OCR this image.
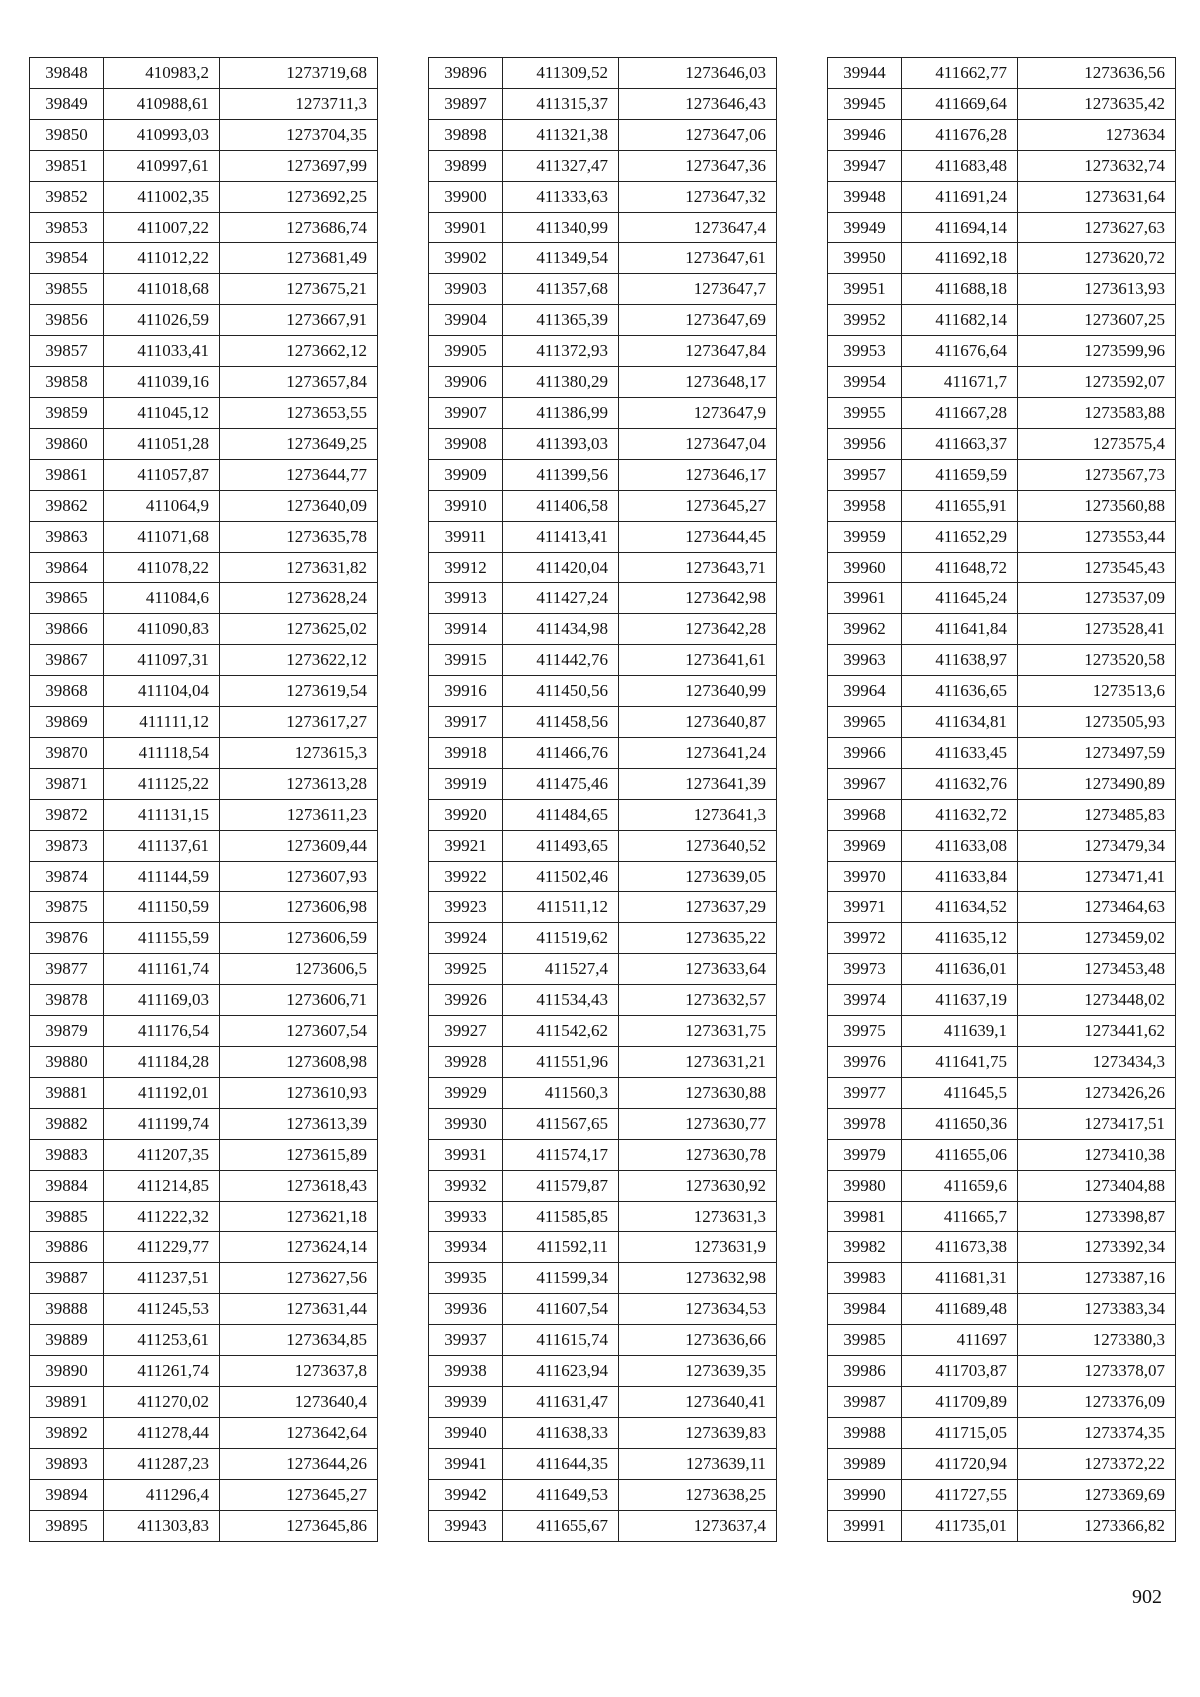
39848	410983,2	1273719,68
39849	410988,61	1273711,3
39850	410993,03	1273704,35
39851	410997,61	1273697,99
39852	411002,35	1273692,25
39853	411007,22	1273686,74
39854	411012,22	1273681,49
39855	411018,68	1273675,21
39856	411026,59	1273667,91
39857	411033,41	1273662,12
39858	411039,16	1273657,84
39859	411045,12	1273653,55
39860	411051,28	1273649,25
39861	411057,87	1273644,77
39862	411064,9	1273640,09
39863	411071,68	1273635,78
39864	411078,22	1273631,82
39865	411084,6	1273628,24
39866	411090,83	1273625,02
39867	411097,31	1273622,12
39868	411104,04	1273619,54
39869	411111,12	1273617,27
39870	411118,54	1273615,3
39871	411125,22	1273613,28
39872	411131,15	1273611,23
39873	411137,61	1273609,44
39874	411144,59	1273607,93
39875	411150,59	1273606,98
39876	411155,59	1273606,59
39877	411161,74	1273606,5
39878	411169,03	1273606,71
39879	411176,54	1273607,54
39880	411184,28	1273608,98
39881	411192,01	1273610,93
39882	411199,74	1273613,39
39883	411207,35	1273615,89
39884	411214,85	1273618,43
39885	411222,32	1273621,18
39886	411229,77	1273624,14
39887	411237,51	1273627,56
39888	411245,53	1273631,44
39889	411253,61	1273634,85
39890	411261,74	1273637,8
39891	411270,02	1273640,4
39892	411278,44	1273642,64
39893	411287,23	1273644,26
39894	411296,4	1273645,27
39895	411303,83	1273645,86
39896	411309,52	1273646,03
39897	411315,37	1273646,43
39898	411321,38	1273647,06
39899	411327,47	1273647,36
39900	411333,63	1273647,32
39901	411340,99	1273647,4
39902	411349,54	1273647,61
39903	411357,68	1273647,7
39904	411365,39	1273647,69
39905	411372,93	1273647,84
39906	411380,29	1273648,17
39907	411386,99	1273647,9
39908	411393,03	1273647,04
39909	411399,56	1273646,17
39910	411406,58	1273645,27
39911	411413,41	1273644,45
39912	411420,04	1273643,71
39913	411427,24	1273642,98
39914	411434,98	1273642,28
39915	411442,76	1273641,61
39916	411450,56	1273640,99
39917	411458,56	1273640,87
39918	411466,76	1273641,24
39919	411475,46	1273641,39
39920	411484,65	1273641,3
39921	411493,65	1273640,52
39922	411502,46	1273639,05
39923	411511,12	1273637,29
39924	411519,62	1273635,22
39925	411527,4	1273633,64
39926	411534,43	1273632,57
39927	411542,62	1273631,75
39928	411551,96	1273631,21
39929	411560,3	1273630,88
39930	411567,65	1273630,77
39931	411574,17	1273630,78
39932	411579,87	1273630,92
39933	411585,85	1273631,3
39934	411592,11	1273631,9
39935	411599,34	1273632,98
39936	411607,54	1273634,53
39937	411615,74	1273636,66
39938	411623,94	1273639,35
39939	411631,47	1273640,41
39940	411638,33	1273639,83
39941	411644,35	1273639,11
39942	411649,53	1273638,25
39943	411655,67	1273637,4
39944	411662,77	1273636,56
39945	411669,64	1273635,42
39946	411676,28	1273634
39947	411683,48	1273632,74
39948	411691,24	1273631,64
39949	411694,14	1273627,63
39950	411692,18	1273620,72
39951	411688,18	1273613,93
39952	411682,14	1273607,25
39953	411676,64	1273599,96
39954	411671,7	1273592,07
39955	411667,28	1273583,88
39956	411663,37	1273575,4
39957	411659,59	1273567,73
39958	411655,91	1273560,88
39959	411652,29	1273553,44
39960	411648,72	1273545,43
39961	411645,24	1273537,09
39962	411641,84	1273528,41
39963	411638,97	1273520,58
39964	411636,65	1273513,6
39965	411634,81	1273505,93
39966	411633,45	1273497,59
39967	411632,76	1273490,89
39968	411632,72	1273485,83
39969	411633,08	1273479,34
39970	411633,84	1273471,41
39971	411634,52	1273464,63
39972	411635,12	1273459,02
39973	411636,01	1273453,48
39974	411637,19	1273448,02
39975	411639,1	1273441,62
39976	411641,75	1273434,3
39977	411645,5	1273426,26
39978	411650,36	1273417,51
39979	411655,06	1273410,38
39980	411659,6	1273404,88
39981	411665,7	1273398,87
39982	411673,38	1273392,34
39983	411681,31	1273387,16
39984	411689,48	1273383,34
39985	411697	1273380,3
39986	411703,87	1273378,07
39987	411709,89	1273376,09
39988	411715,05	1273374,35
39989	411720,94	1273372,22
39990	411727,55	1273369,69
39991	411735,01	1273366,82
902
